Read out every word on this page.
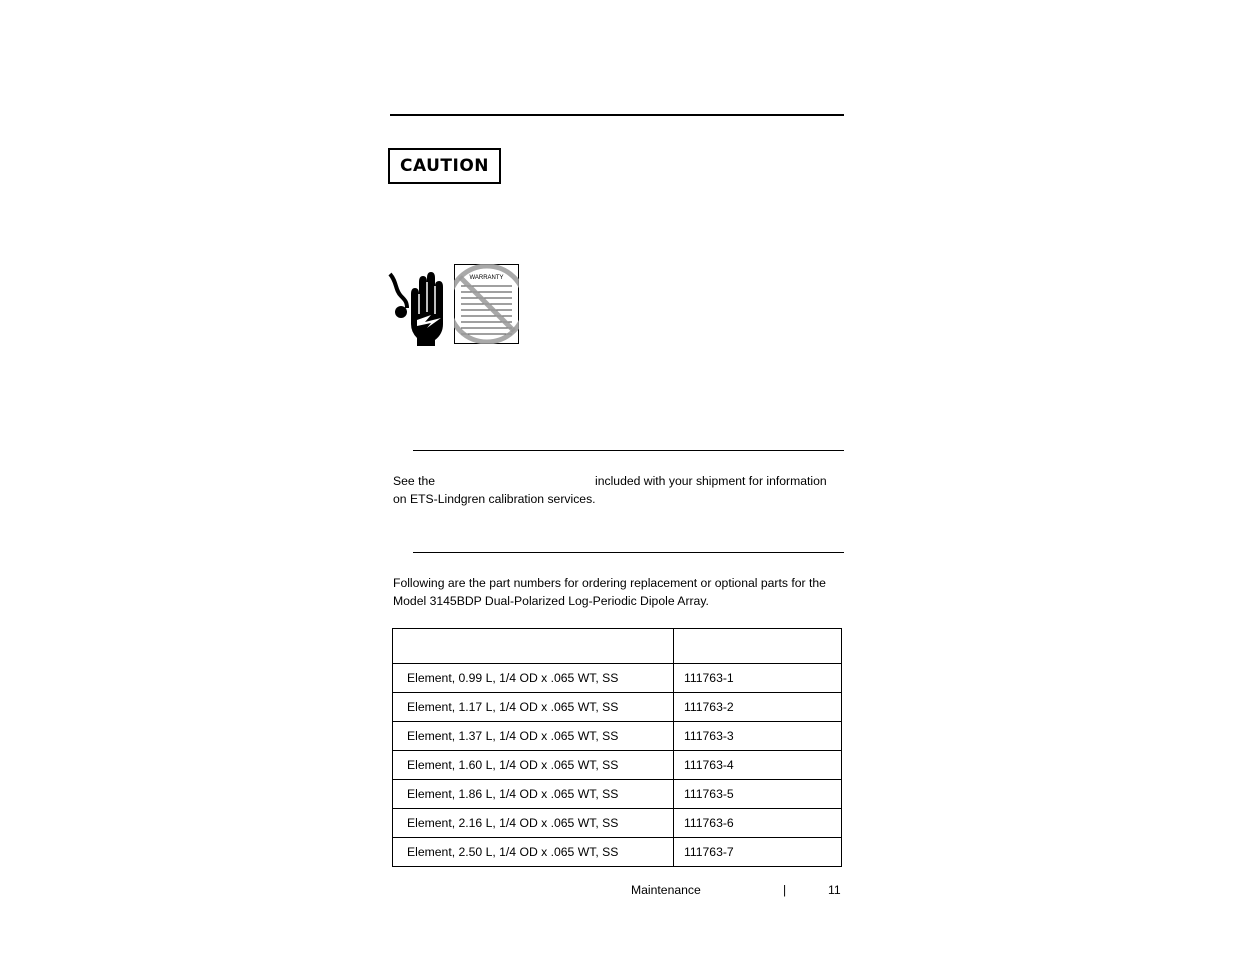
CAUTION
WARRANTY
See the	included with your shipment for information
on ETS-Lindgren calibration services.
Following are the part numbers for ordering replacement or optional parts for the
Model 3145BDP Dual-Polarized Log-Periodic Dipole Array.

Element, 0.99 L, 1/4 OD x .065 WT, SS	111763-1
Element, 1.17 L, 1/4 OD x .065 WT, SS	111763-2
Element, 1.37 L, 1/4 OD x .065 WT, SS	111763-3
Element, 1.60 L, 1/4 OD x .065 WT, SS	111763-4
Element, 1.86 L, 1/4 OD x .065 WT, SS	111763-5
Element, 2.16 L, 1/4 OD x .065 WT, SS	111763-6
Element, 2.50 L, 1/4 OD x .065 WT, SS	111763-7
Maintenance	|	11
